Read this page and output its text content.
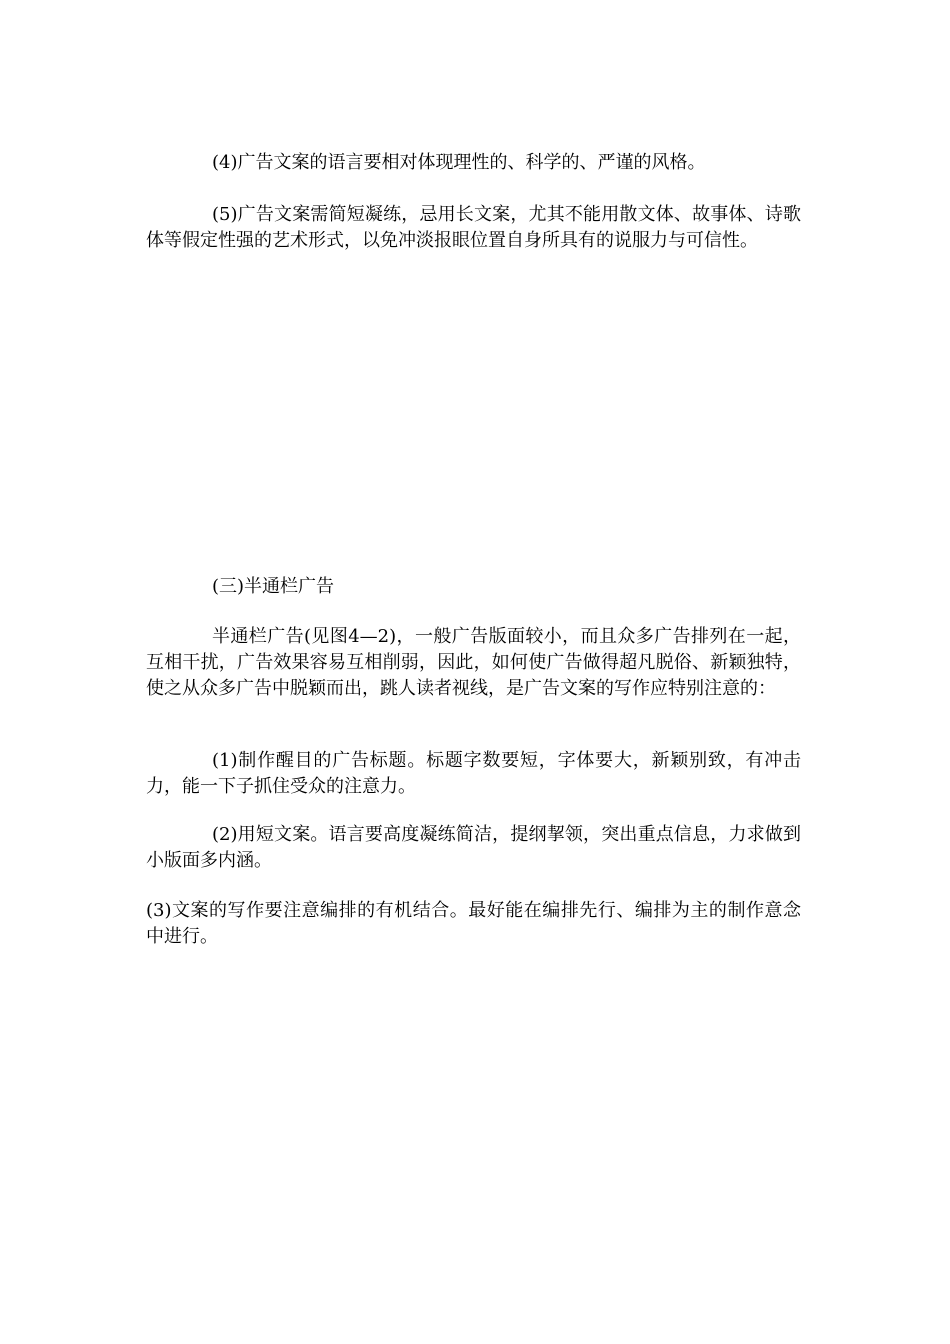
(4)广告文案的语言要相对体现理性的、科学的、严谨的风格。

(5)广告文案需简短凝练，忌用长文案，尤其不能用散文体、故事体、诗歌体等假定性强的艺术形式，以免冲淡报眼位置自身所具有的说服力与可信性。

(三)半通栏广告

半通栏广告(见图4—2)，一般广告版面较小，而且众多广告排列在一起，互相干扰，广告效果容易互相削弱，因此，如何使广告做得超凡脱俗、新颖独特，使之从众多广告中脱颖而出，跳人读者视线，是广告文案的写作应特别注意的：

(1)制作醒目的广告标题。标题字数要短，字体要大，新颖别致，有冲击力，能一下子抓住受众的注意力。

(2)用短文案。语言要高度凝练简洁，提纲挈领，突出重点信息，力求做到小版面多内涵。

(3)文案的写作要注意编排的有机结合。最好能在编排先行、编排为主的制作意念中进行。
